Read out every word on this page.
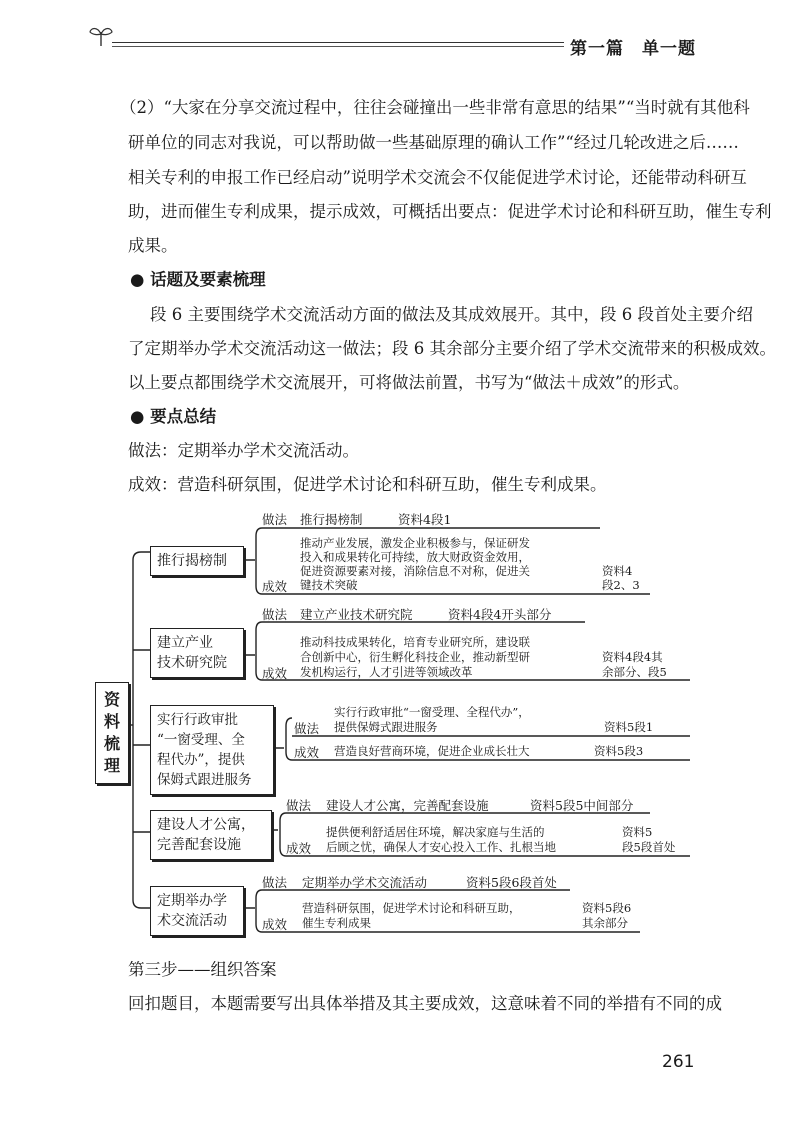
第一篇　单一题
（2）“大家在分享交流过程中，往往会碰撞出一些非常有意思的结果”“当时就有其他科
研单位的同志对我说，可以帮助做一些基础原理的确认工作”“经过几轮改进之后……
相关专利的申报工作已经启动”说明学术交流会不仅能促进学术讨论，还能带动科研互
助，进而催生专利成果，提示成效，可概括出要点：促进学术讨论和科研互助，催生专利
成果。
● 话题及要素梳理
段 6 主要围绕学术交流活动方面的做法及其成效展开。其中，段 6 段首处主要介绍
了定期举办学术交流活动这一做法；段 6 其余部分主要介绍了学术交流带来的积极成效。
以上要点都围绕学术交流展开，可将做法前置，书写为“做法＋成效”的形式。
● 要点总结
做法：定期举办学术交流活动。
成效：营造科研氛围，促进学术讨论和科研互助，催生专利成果。
资
料
梳
理
推行揭榜制
做法 推行揭榜制	资料4段1
推动产业发展，激发企业积极参与，保证研发
投入和成果转化可持续，放大财政资金效用，
促进资源要素对接，消除信息不对称，促进关
键技术突破
成效
资料4
段2、3
建立产业
技术研究院
做法 建立产业技术研究院	资料4段4开头部分
推动科技成果转化，培育专业研究所，建设联
合创新中心，衍生孵化科技企业，推动新型研
发机构运行，人才引进等领域改革
成效
资料4段4其
余部分、段5
实行行政审批
“一窗受理、全
程代办”，提供
保姆式跟进服务
实行行政审批“一窗受理、全程代办”，
做法 提供保姆式跟进服务	资料5段1
成效 营造良好营商环境，促进企业成长壮大	资料5段3
建设人才公寓，
完善配套设施
做法 建设人才公寓，完善配套设施	资料5段5中间部分
提供便利舒适居住环境，解决家庭与生活的
后顾之忧，确保人才安心投入工作、扎根当地
成效
资料5
段5段首处
定期举办学
术交流活动
做法 定期举办学术交流活动	资料5段6段首处
营造科研氛围，促进学术讨论和科研互助，
催生专利成果
成效
资料5段6
其余部分
第三步——组织答案
回扣题目，本题需要写出具体举措及其主要成效，这意味着不同的举措有不同的成
261
